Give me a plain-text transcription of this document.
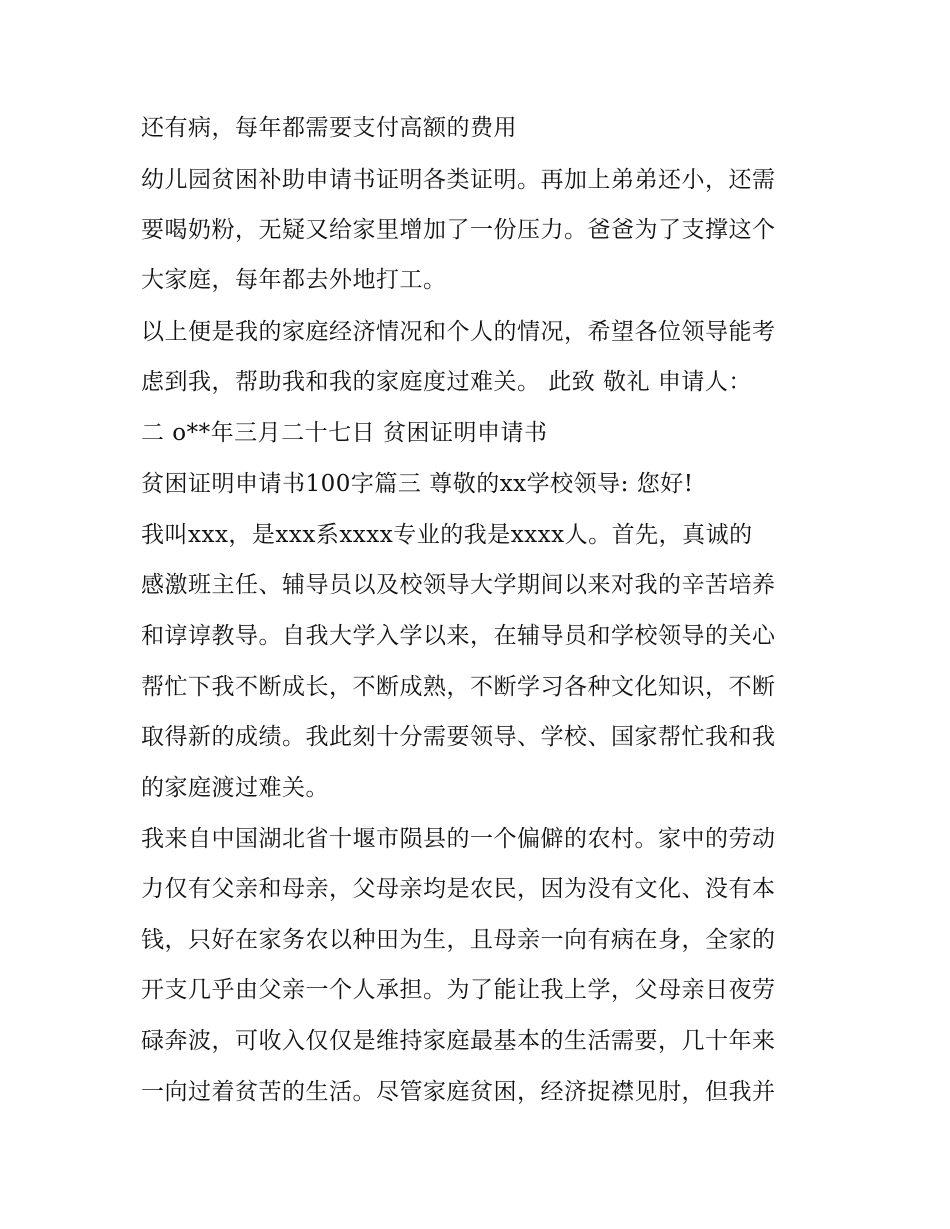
还有病，每年都需要支付高额的费用
幼儿园贫困补助申请书证明各类证明。再加上弟弟还小，还需
要喝奶粉，无疑又给家里增加了一份压力。爸爸为了支撑这个
大家庭，每年都去外地打工。
以上便是我的家庭经济情况和个人的情况，希望各位领导能考
虑到我，帮助我和我的家庭度过难关。 此致 敬礼 申请人：
二 o**年三月二十七日 贫困证明申请书
贫困证明申请书100字篇三 尊敬的xx学校领导: 您好!
我叫xxx，是xxx系xxxx专业的我是xxxx人。首先，真诚的
感激班主任、辅导员以及校领导大学期间以来对我的辛苦培养
和谆谆教导。自我大学入学以来，在辅导员和学校领导的关心
帮忙下我不断成长，不断成熟，不断学习各种文化知识，不断
取得新的成绩。我此刻十分需要领导、学校、国家帮忙我和我
的家庭渡过难关。
我来自中国湖北省十堰市陨县的一个偏僻的农村。家中的劳动
力仅有父亲和母亲，父母亲均是农民，因为没有文化、没有本
钱，只好在家务农以种田为生，且母亲一向有病在身，全家的
开支几乎由父亲一个人承担。为了能让我上学，父母亲日夜劳
碌奔波，可收入仅仅是维持家庭最基本的生活需要，几十年来
一向过着贫苦的生活。尽管家庭贫困，经济捉襟见肘，但我并
